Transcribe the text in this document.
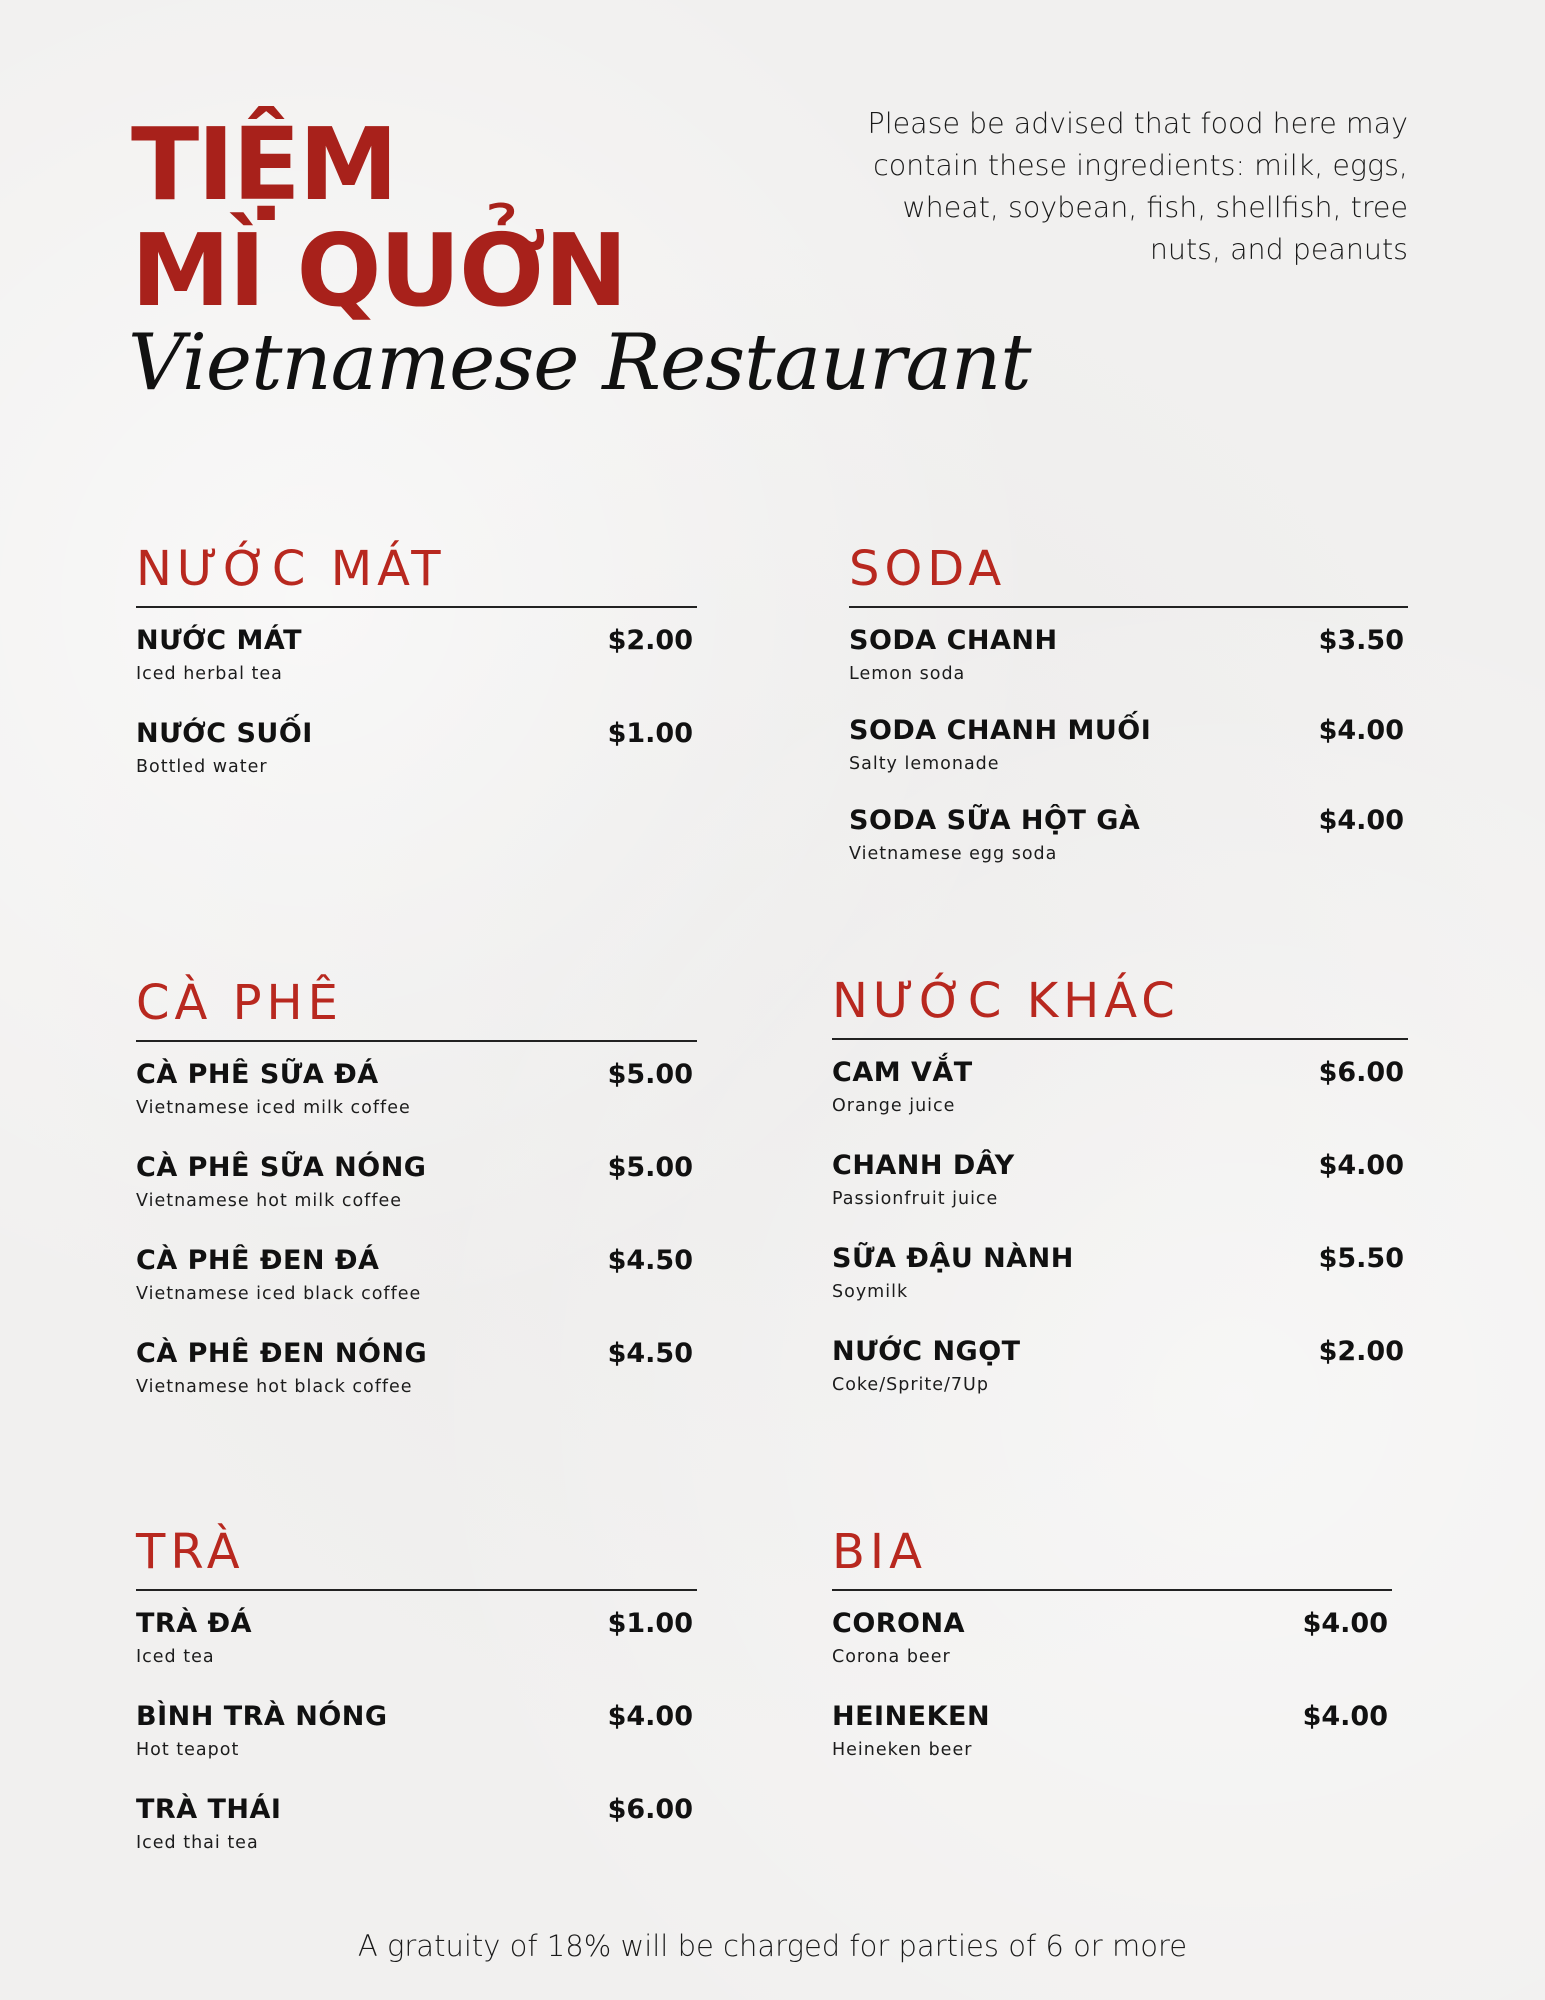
TIỆM
MÌ QUỞN
Vietnamese Restaurant

Please be advised that food here may contain these ingredients: milk, eggs, wheat, soybean, fish, shellfish, tree nuts, and peanuts

NƯỚC MÁT
NƯỚC MÁT	$2.00
Iced herbal tea
NƯỚC SUỐI	$1.00
Bottled water
SODA
SODA CHANH	$3.50
Lemon soda
SODA CHANH MUỐI	$4.00
Salty lemonade
SODA SỮA HỘT GÀ	$4.00
Vietnamese egg soda
CÀ PHÊ
CÀ PHÊ SỮA ĐÁ	$5.00
Vietnamese iced milk coffee
CÀ PHÊ SỮA NÓNG	$5.00
Vietnamese hot milk coffee
CÀ PHÊ ĐEN ĐÁ	$4.50
Vietnamese iced black coffee
CÀ PHÊ ĐEN NÓNG	$4.50
Vietnamese hot black coffee
NƯỚC KHÁC
CAM VẮT	$6.00
Orange juice
CHANH DÂY	$4.00
Passionfruit juice
SỮA ĐẬU NÀNH	$5.50
Soymilk
NƯỚC NGỌT	$2.00
Coke/Sprite/7Up
TRÀ
TRÀ ĐÁ	$1.00
Iced tea
BÌNH TRÀ NÓNG	$4.00
Hot teapot
TRÀ THÁI	$6.00
Iced thai tea
BIA
CORONA	$4.00
Corona beer
HEINEKEN	$4.00
Heineken beer

A gratuity of 18% will be charged for parties of 6 or more
